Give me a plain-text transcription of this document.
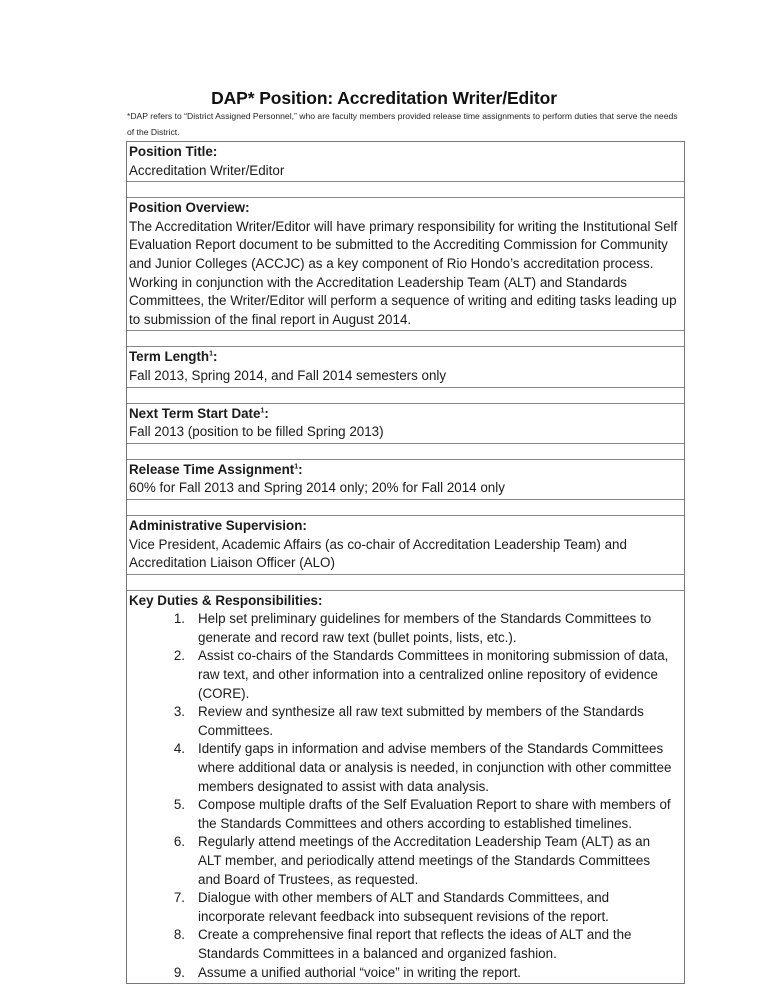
DAP* Position: Accreditation Writer/Editor
*DAP refers to “District Assigned Personnel,” who are faculty members provided release time assignments to perform duties that serve the needs of the District.
Position Title:
Accreditation Writer/Editor
Position Overview:
The Accreditation Writer/Editor will have primary responsibility for writing the Institutional Self Evaluation Report document to be submitted to the Accrediting Commission for Community and Junior Colleges (ACCJC) as a key component of Rio Hondo’s accreditation process. Working in conjunction with the Accreditation Leadership Team (ALT) and Standards Committees, the Writer/Editor will perform a sequence of writing and editing tasks leading up to submission of the final report in August 2014.
Term Length$^1$:
Fall 2013, Spring 2014, and Fall 2014 semesters only
Next Term Start Date$^1$:
Fall 2013 (position to be filled Spring 2013)
Release Time Assignment$^1$:
60% for Fall 2013 and Spring 2014 only; 20% for Fall 2014 only
Administrative Supervision:
Vice President, Academic Affairs (as co-chair of Accreditation Leadership Team) and Accreditation Liaison Officer (ALO)
Key Duties & Responsibilities:
1. Help set preliminary guidelines for members of the Standards Committees to generate and record raw text (bullet points, lists, etc.).
2. Assist co-chairs of the Standards Committees in monitoring submission of data, raw text, and other information into a centralized online repository of evidence (CORE).
3. Review and synthesize all raw text submitted by members of the Standards Committees.
4. Identify gaps in information and advise members of the Standards Committees where additional data or analysis is needed, in conjunction with other committee members designated to assist with data analysis.
5. Compose multiple drafts of the Self Evaluation Report to share with members of the Standards Committees and others according to established timelines.
6. Regularly attend meetings of the Accreditation Leadership Team (ALT) as an ALT member, and periodically attend meetings of the Standards Committees and Board of Trustees, as requested.
7. Dialogue with other members of ALT and Standards Committees, and incorporate relevant feedback into subsequent revisions of the report.
8. Create a comprehensive final report that reflects the ideas of ALT and the Standards Committees in a balanced and organized fashion.
9. Assume a unified authorial “voice” in writing the report.
